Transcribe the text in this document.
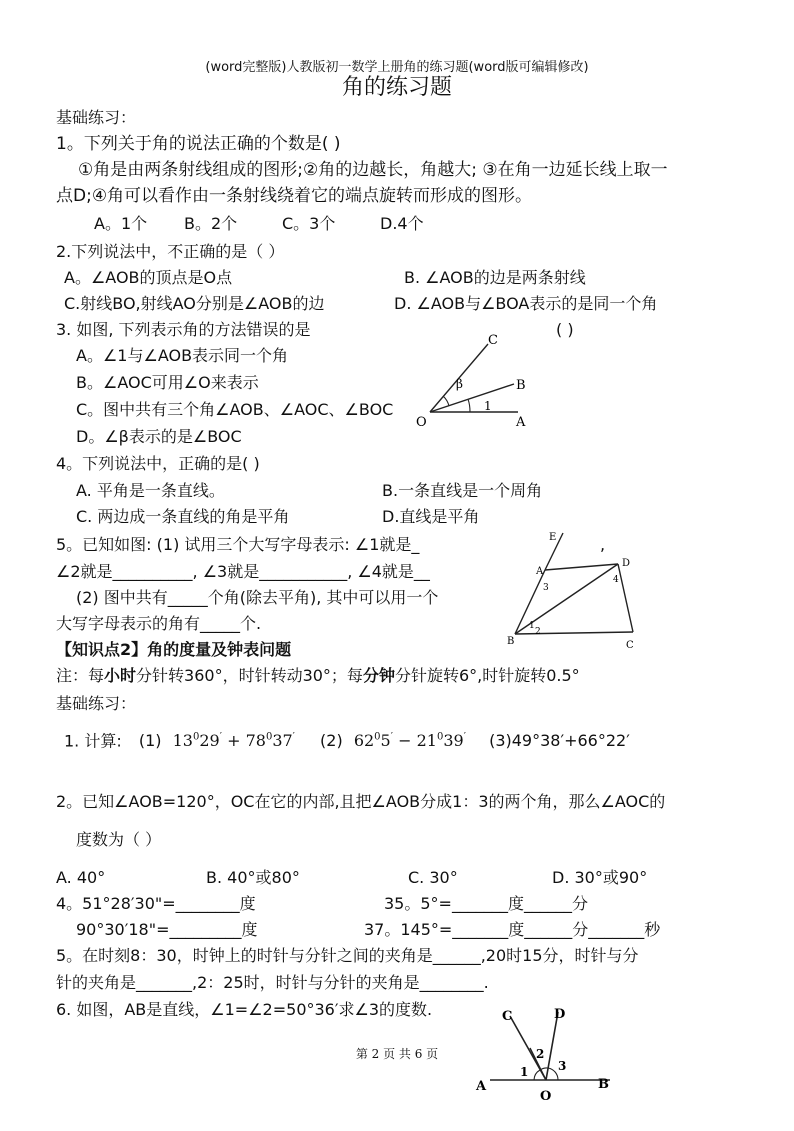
(word完整版)人教版初一数学上册角的练习题(word版可编辑修改)
角的练习题
基础练习：
1。下列关于角的说法正确的个数是( )
①角是由两条射线组成的图形;②角的边越长，角越大; ③在角一边延长线上取一
点D;④角可以看作由一条射线绕着它的端点旋转而形成的图形。
A。1个 B。2个	C。3个	D.4个
2.下列说法中，不正确的是（ ）
A。∠AOB的顶点是O点	B. ∠AOB的边是两条射线
C.射线BO,射线AO分别是∠AOB的边	D. ∠AOB与∠BOA表示的是同一个角
3. 如图, 下列表示角的方法错误的是	( )
A。∠1与∠AOB表示同一个角
B。∠AOC可用∠O来表示
C。图中共有三个角∠AOB、∠AOC、∠BOC
D。∠β表示的是∠BOC
O	A
B
C
β
1
4。下列说法中，正确的是( )
A. 平角是一条直线。	B.一条直线是一个周角
C. 两边成一条直线的角是平角	D.直线是平角
5。已知如图: (1) 试用三个大写字母表示: ∠1就是_	,
∠2就是__________, ∠3就是___________, ∠4就是__
(2) 图中共有_____个角(除去平角), 其中可以用一个
大写字母表示的角有_____个.
E
A
B	C
D
1
2
3
4
【知识点2】角的度量及钟表问题
注：每小时分针转360°，时针转动30°；每分钟分针旋转6°,时针旋转0.5°
基础练习：
1. 计算: (1) $13^029' + 78^037'$ (2) $62^05' - 21^039'$ (3)49°38′+66°22′
2。已知∠AOB=120°，OC在它的内部,且把∠AOB分成1：3的两个角，那么∠AOC的
度数为（ ）
A. 40°	B. 40°或80°	C. 30°	D. 30°或90°
4。51°28′30"=________度	35。5°=_______度______分
90°30′18"=_________度	37。145°=_______度______分_______秒
5。在时刻8：30，时钟上的时针与分针之间的夹角是______,20时15分，时针与分
针的夹角是_______,2：25时，时针与分针的夹角是________.
6. 如图，AB是直线，∠1=∠2=50°36′求∠3的度数.
A	B
O
C	D
1
2
3
第 2 页 共 6 页
